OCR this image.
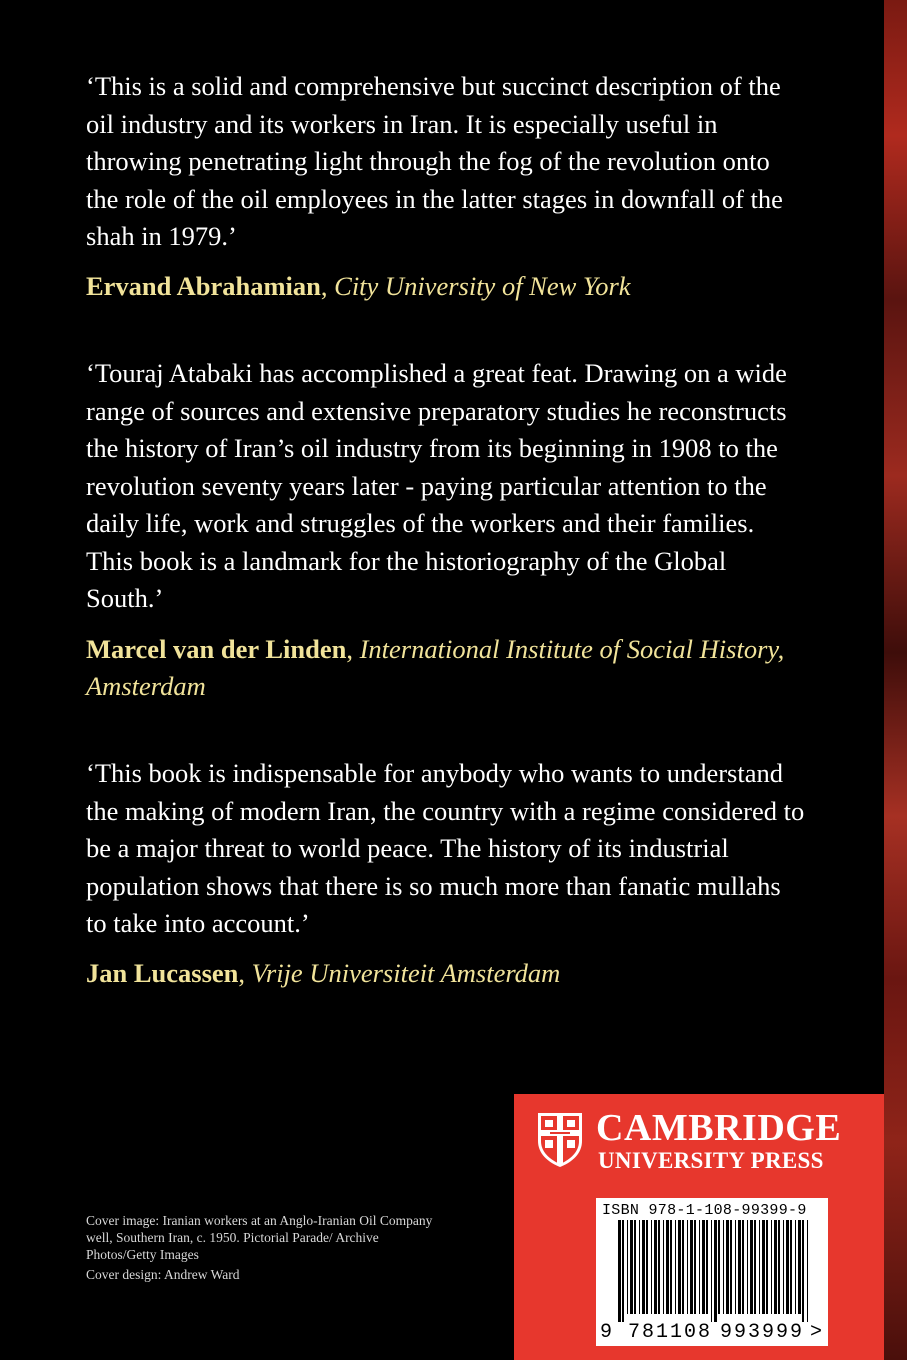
‘This is a solid and comprehensive but succinct description of the oil industry and its workers in Iran. It is especially useful in throwing penetrating light through the fog of the revolution onto the role of the oil employees in the latter stages in downfall of the shah in 1979.’

Ervand Abrahamian, City University of New York

‘Touraj Atabaki has accomplished a great feat. Drawing on a wide range of sources and extensive preparatory studies he reconstructs the history of Iran’s oil industry from its beginning in 1908 to the revolution seventy years later - paying particular attention to the daily life, work and struggles of the workers and their families. This book is a landmark for the historiography of the Global South.’

Marcel van der Linden, International Institute of Social History, Amsterdam

‘This book is indispensable for anybody who wants to understand the making of modern Iran, the country with a regime considered to be a major threat to world peace. The history of its industrial population shows that there is so much more than fanatic mullahs to take into account.’

Jan Lucassen, Vrije Universiteit Amsterdam

Cover image: Iranian workers at an Anglo-Iranian Oil Company well, Southern Iran, c. 1950. Pictorial Parade/ Archive Photos/Getty Images

Cover design: Andrew Ward

CAMBRIDGE
UNIVERSITY PRESS
ISBN 978-1-108-99399-9
9 781108 993999 >
